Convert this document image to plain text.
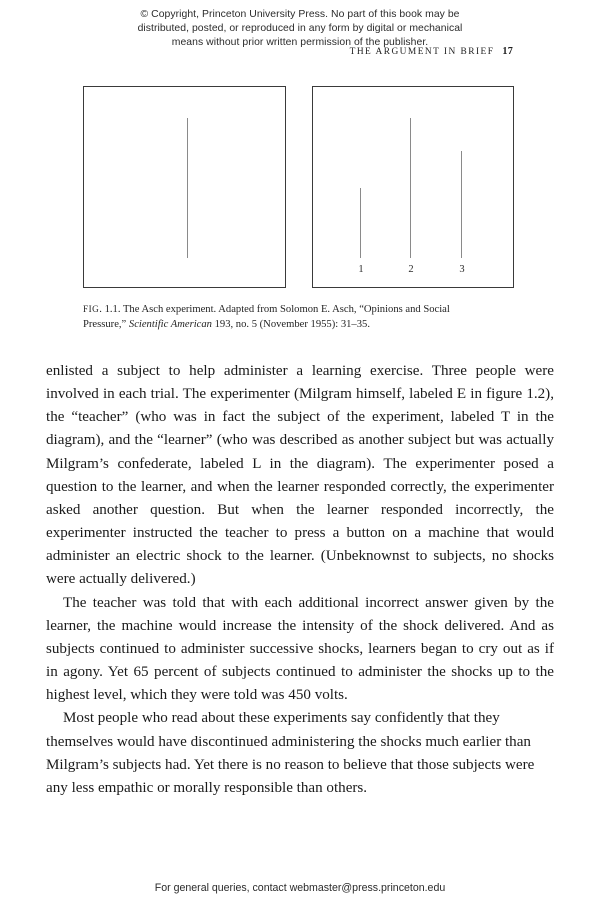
© Copyright, Princeton University Press. No part of this book may be
distributed, posted, or reproduced in any form by digital or mechanical
means without prior written permission of the publisher.
THE ARGUMENT IN BRIEF 17
1	2	3
FIG. 1.1. The Asch experiment. Adapted from Solomon E. Asch, “Opinions and Social Pressure,” Scientific American 193, no. 5 (November 1955): 31–35.

enlisted a subject to help administer a learning exercise. Three people were involved in each trial. The experimenter (Milgram himself, labeled E in figure 1.2), the “teacher” (who was in fact the subject of the experiment, labeled T in the diagram), and the “learner” (who was described as another subject but was actually Milgram’s confederate, labeled L in the diagram). The experimenter posed a question to the learner, and when the learner responded correctly, the experimenter asked another question. But when the learner responded incorrectly, the experimenter instructed the teacher to press a button on a machine that would administer an electric shock to the learner. (Unbeknownst to subjects, no shocks were actually delivered.)

The teacher was told that with each additional incorrect answer given by the learner, the machine would increase the intensity of the shock delivered. And as subjects continued to administer successive shocks, learners began to cry out as if in agony. Yet 65 percent of subjects continued to administer the shocks up to the highest level, which they were told was 450 volts.

Most people who read about these experiments say confidently that they themselves would have discontinued administering the shocks much earlier than Milgram’s subjects had. Yet there is no reason to believe that those subjects were any less empathic or morally responsible than others.

For general queries, contact webmaster@press.princeton.edu
